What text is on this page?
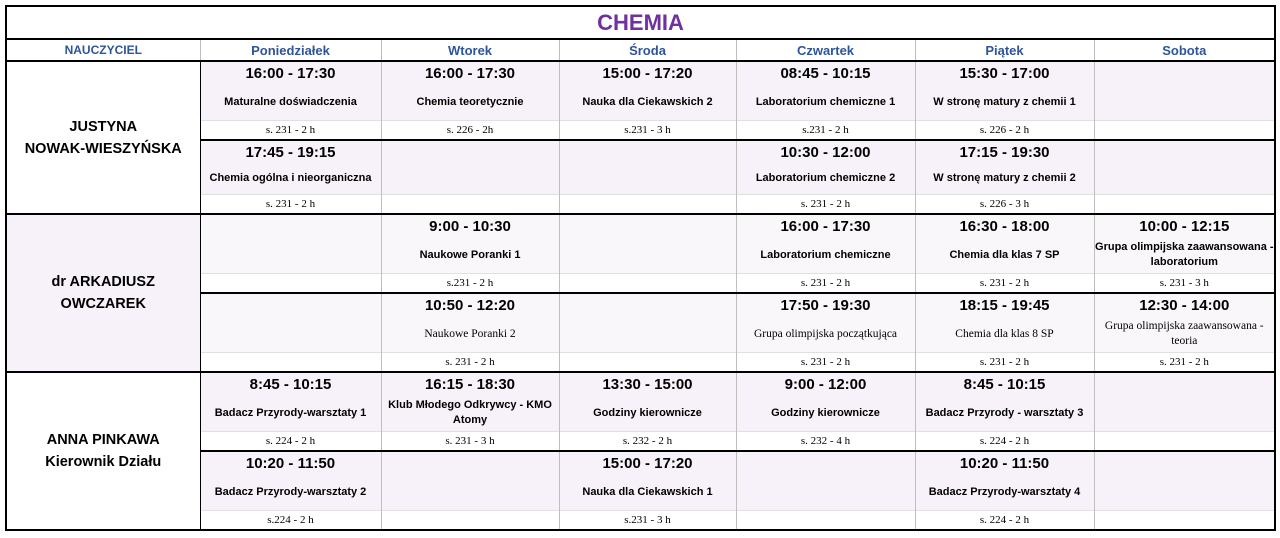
CHEMIA						
NAUCZYCIEL	Poniedziałek	Wtorek	Środa	Czwartek	Piątek	Sobota

JUSTYNA
NOWAK-WIESZYŃSKA	16:00 - 17:30	16:00 - 17:30	15:00 - 17:20	08:45 - 10:15	15:30 - 17:00	
	Maturalne doświadczenia	Chemia teoretycznie	Nauka dla Ciekawskich 2	Laboratorium chemiczne 1	W stronę matury z chemii 1	
	s. 231 - 2 h	s. 226 - 2h	s.231 - 3 h	s.231 - 2 h	s. 226 - 2 h	
	17:45 - 19:15			10:30 - 12:00	17:15 - 19:30	
	Chemia ogólna i nieorganiczna			Laboratorium chemiczne 2	W stronę matury z chemii 2	
	s. 231 - 2 h			s. 231 - 2 h	s. 226 - 3 h	

dr ARKADIUSZ
OWCZAREK		9:00 - 10:30		16:00 - 17:30	16:30 - 18:00	10:00 - 12:15
		Naukowe Poranki 1		Laboratorium chemiczne	Chemia dla klas 7 SP	Grupa olimpijska zaawansowana - laboratorium
		s.231 - 2 h		s. 231 - 2 h	s. 231 - 2 h	s. 231 - 3 h
		10:50 - 12:20		17:50 - 19:30	18:15 - 19:45	12:30 - 14:00
		Naukowe Poranki 2		Grupa olimpijska początkująca	Chemia dla klas 8 SP	Grupa olimpijska zaawansowana - teoria
		s. 231 - 2 h		s. 231 - 2 h	s. 231 - 2 h	s. 231 - 2 h

ANNA PINKAWA
Kierownik Działu	8:45 - 10:15	16:15 - 18:30	13:30 - 15:00	9:00 - 12:00	8:45 - 10:15	
	Badacz Przyrody-warsztaty 1	Klub Młodego Odkrywcy - KMO Atomy	Godziny kierownicze	Godziny kierownicze	Badacz Przyrody - warsztaty 3	
	s. 224 - 2 h	s. 231 - 3 h	s. 232 - 2 h	s. 232 - 4 h	s. 224 - 2 h	
	10:20 - 11:50		15:00 - 17:20		10:20 - 11:50	
	Badacz Przyrody-warsztaty 2		Nauka dla Ciekawskich 1		Badacz Przyrody-warsztaty 4	
	s.224 - 2 h		s.231 - 3 h		s. 224 - 2 h	
